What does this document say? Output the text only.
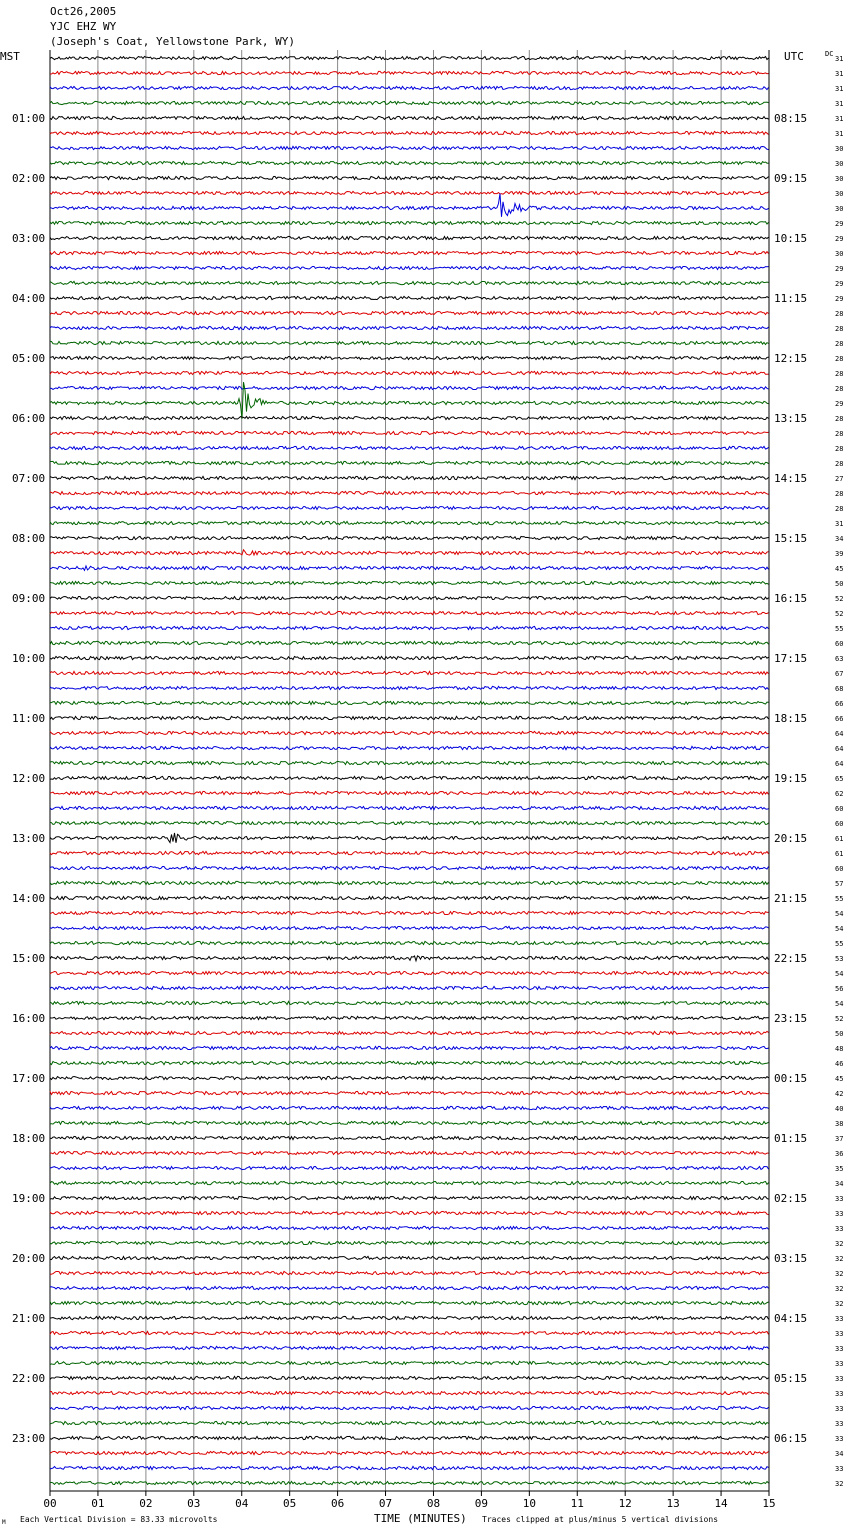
Oct26,2005
YJC EHZ WY
(Joseph's Coat, Yellowstone Park, WY)
MST	UTC	DC
01:00
02:00
03:00
04:00
05:00
06:00
07:00
08:00
09:00
10:00
11:00
12:00
13:00
14:00
15:00
16:00
17:00
18:00
19:00
20:00
21:00
22:00
23:00
08:15
09:15
10:15
11:15
12:15
13:15
14:15
15:15
16:15
17:15
18:15
19:15
20:15
21:15
22:15
23:15
00:15
01:15
02:15
03:15
04:15
05:15
06:15
31
31
31
31
31
31
30
30
30
30
30
29
29
30
29
29
29
28
28
28
28
28
28
29
28
28
28
28
27
28
28
31
34
39
45
50
52
52
55
60
63
67
68
66
66
64
64
64
65
62
60
60
61
61
60
57
55
54
54
55
53
54
56
54
52
50
48
46
45
42
40
38
37
36
35
34
33
33
33
32
32
32
32
32
33
33
33
33
33
33
33
33
33
34
33
32
00	01	02	03	04	05	06	07	08	09	10	11	12	13	14	15
M Each Vertical Division = 83.33 microvolts	TIME (MINUTES) Traces clipped at plus/minus 5 vertical divisions
